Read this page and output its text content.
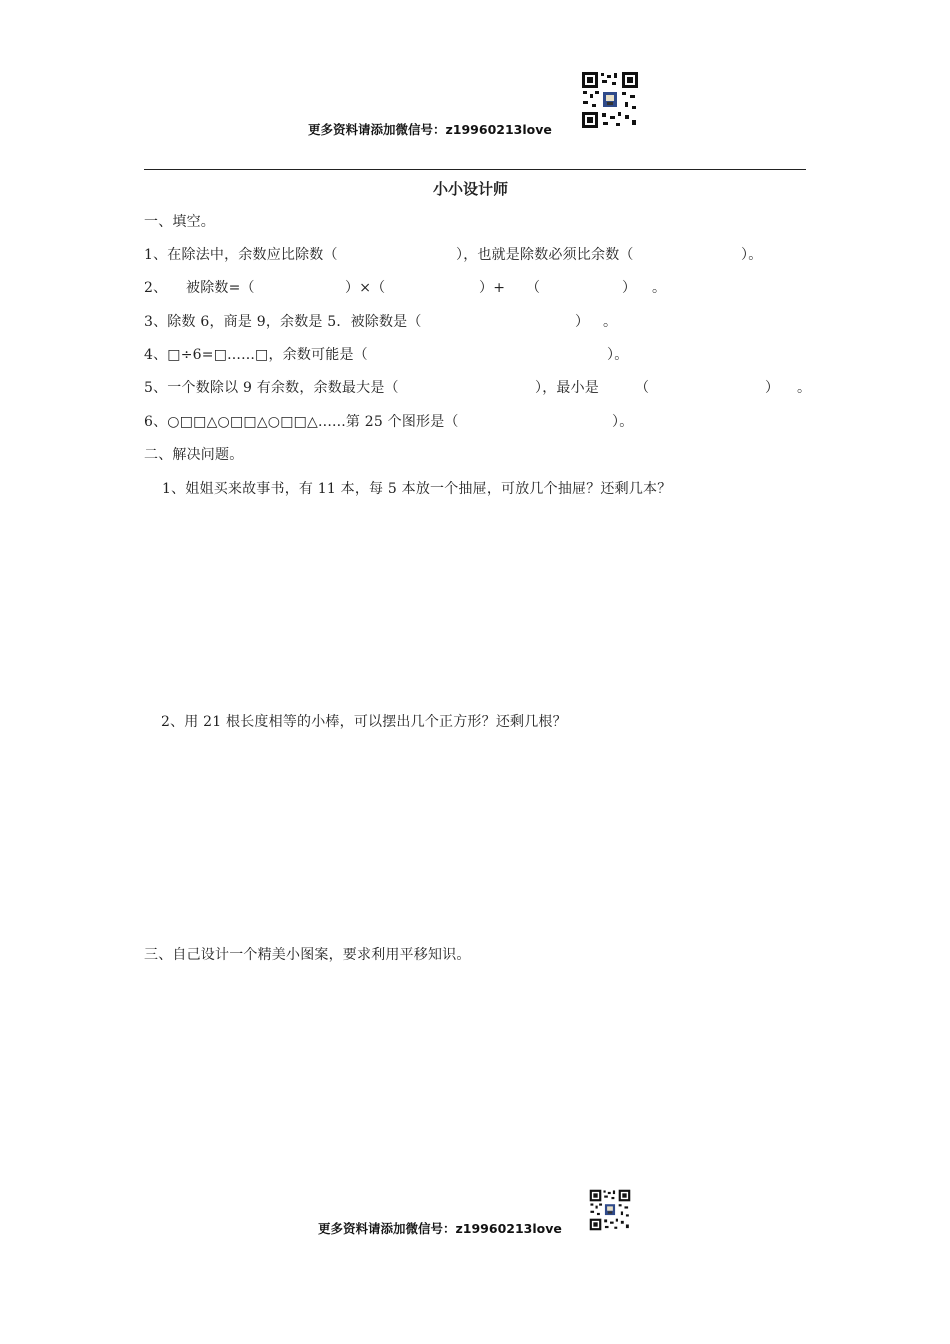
更多资料请添加微信号：z19960213love
小小设计师
一、填空。
1、在除法中，余数应比除数（	），也就是除数必须比余数（	）。
2、 被除数=（	）×（	）+ （	） 。
3、除数 6，商是 9，余数是 5．被除数是（	） 。
4、□÷6=□......□，余数可能是（	）。
5、一个数除以 9 有余数，余数最大是（	），最小是	（	） 。
6、○□□△○□□△○□□△......第 25 个图形是（	）。
二、解决问题。
1、姐姐买来故事书，有 11 本，每 5 本放一个抽屉，可放几个抽屉？还剩几本？
2、用 21 根长度相等的小棒，可以摆出几个正方形？还剩几根？
三、自己设计一个精美小图案，要求利用平移知识。
更多资料请添加微信号：z19960213love
